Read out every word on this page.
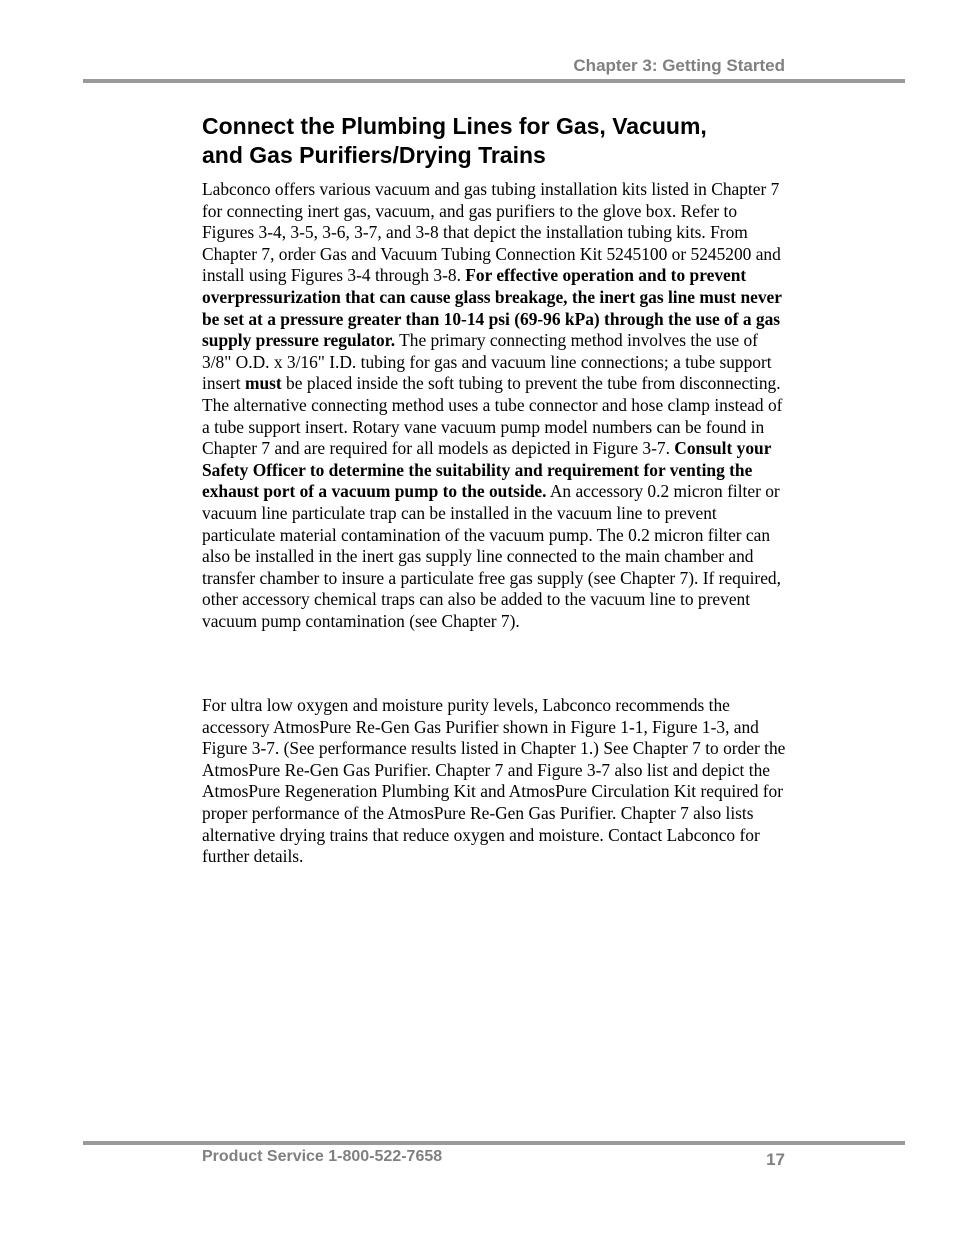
Chapter 3: Getting Started

Connect the Plumbing Lines for Gas, Vacuum,
and Gas Purifiers/Drying Trains

Labconco offers various vacuum and gas tubing installation kits listed in Chapter 7 for connecting inert gas, vacuum, and gas purifiers to the glove box. Refer to Figures 3-4, 3-5, 3-6, 3-7, and 3-8 that depict the installation tubing kits. From Chapter 7, order Gas and Vacuum Tubing Connection Kit 5245100 or 5245200 and install using Figures 3-4 through 3-8. For effective operation and to prevent overpressurization that can cause glass breakage, the inert gas line must never be set at a pressure greater than 10-14 psi (69-96 kPa) through the use of a gas supply pressure regulator. The primary connecting method involves the use of 3/8" O.D. x 3/16" I.D. tubing for gas and vacuum line connections; a tube support insert must be placed inside the soft tubing to prevent the tube from disconnecting. The alternative connecting method uses a tube connector and hose clamp instead of a tube support insert. Rotary vane vacuum pump model numbers can be found in Chapter 7 and are required for all models as depicted in Figure 3-7. Consult your Safety Officer to determine the suitability and requirement for venting the exhaust port of a vacuum pump to the outside. An accessory 0.2 micron filter or vacuum line particulate trap can be installed in the vacuum line to prevent particulate material contamination of the vacuum pump. The 0.2 micron filter can also be installed in the inert gas supply line connected to the main chamber and transfer chamber to insure a particulate free gas supply (see Chapter 7). If required, other accessory chemical traps can also be added to the vacuum line to prevent vacuum pump contamination (see Chapter 7).

For ultra low oxygen and moisture purity levels, Labconco recommends the accessory AtmosPure Re-Gen Gas Purifier shown in Figure 1-1, Figure 1-3, and Figure 3-7. (See performance results listed in Chapter 1.) See Chapter 7 to order the AtmosPure Re-Gen Gas Purifier. Chapter 7 and Figure 3-7 also list and depict the AtmosPure Regeneration Plumbing Kit and AtmosPure Circulation Kit required for proper performance of the AtmosPure Re-Gen Gas Purifier. Chapter 7 also lists alternative drying trains that reduce oxygen and moisture. Contact Labconco for further details.

Product Service 1-800-522-7658	17
